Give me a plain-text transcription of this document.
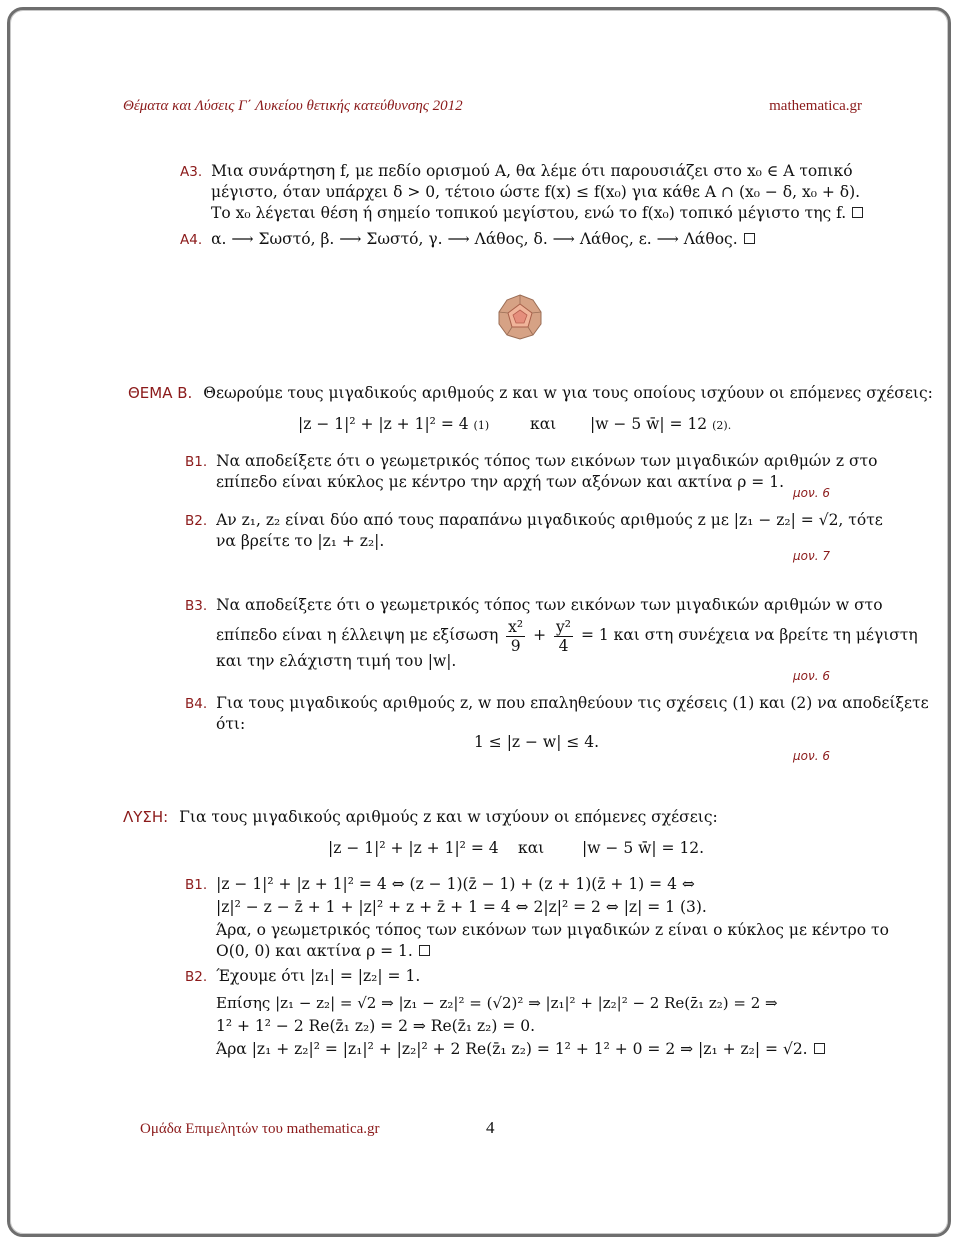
Θέματα και Λύσεις Γ΄ Λυκείου θετικής κατεύθυνσης 2012	mathematica.gr
A3. Μια συνάρτηση f, με πεδίο ορισμού A, θα λέμε ότι παρουσιάζει στο x₀ ∈ A τοπικό
μέγιστο, όταν υπάρχει δ > 0, τέτοιο ώστε f(x) ≤ f(x₀) για κάθε A ∩ (x₀ − δ, x₀ + δ).
Το x₀ λέγεται θέση ή σημείο τοπικού μεγίστου, ενώ το f(x₀) τοπικό μέγιστο της f.
A4. α. ⟶ Σωστό, β. ⟶ Σωστό, γ. ⟶ Λάθος, δ. ⟶ Λάθος, ε. ⟶ Λάθος.
ΘΕΜΑ Β. Θεωρούμε τους μιγαδικούς αριθμούς z και w για τους οποίους ισχύουν οι επόμενες σχέσεις:
|z − 1|² + |z + 1|² = 4 (1)	και |w − 5 w̄| = 12 (2).
B1. Να αποδείξετε ότι ο γεωμετρικός τόπος των εικόνων των μιγαδικών αριθμών z στο
επίπεδο είναι κύκλος με κέντρο την αρχή των αξόνων και ακτίνα ρ = 1.
μον. 6
B2. Αν z₁, z₂ είναι δύο από τους παραπάνω μιγαδικούς αριθμούς z με |z₁ − z₂| = √2, τότε
να βρείτε το |z₁ + z₂|.
μον. 7
B3. Να αποδείξετε ότι ο γεωμετρικός τόπος των εικόνων των μιγαδικών αριθμών w στο
επίπεδο είναι η έλλειψη με εξίσωση $\frac{\text{x²}}{9} + \frac{\text{y²}}{4} = 1$ και στη συνέχεια να βρείτε τη μέγιστη
και την ελάχιστη τιμή του |w|.
μον. 6
B4. Για τους μιγαδικούς αριθμούς z, w που επαληθεύουν τις σχέσεις (1) και (2) να αποδείξετε
ότι:
1 ≤ |z − w| ≤ 4.
μον. 6
ΛΥΣΗ: Για τους μιγαδικούς αριθμούς z και w ισχύουν οι επόμενες σχέσεις:
|z − 1|² + |z + 1|² = 4 και |w − 5 w̄| = 12.
B1. |z − 1|² + |z + 1|² = 4 ⇔ (z − 1)(z̄ − 1) + (z + 1)(z̄ + 1) = 4 ⇔
|z|² − z − z̄ + 1 + |z|² + z + z̄ + 1 = 4 ⇔ 2|z|² = 2 ⇔ |z| = 1 (3).
Άρα, ο γεωμετρικός τόπος των εικόνων των μιγαδικών z είναι ο κύκλος με κέντρο το
O(0, 0) και ακτίνα ρ = 1.
B2. Έχουμε ότι |z₁| = |z₂| = 1.
Επίσης |z₁ − z₂| = √2 ⇒ |z₁ − z₂|² = (√2)² ⇒ |z₁|² + |z₂|² − 2 Re(z̄₁ z₂) = 2 ⇒
1² + 1² − 2 Re(z̄₁ z₂) = 2 ⇒ Re(z̄₁ z₂) = 0.
Άρα |z₁ + z₂|² = |z₁|² + |z₂|² + 2 Re(z̄₁ z₂) = 1² + 1² + 0 = 2 ⇒ |z₁ + z₂| = √2.
Ομάδα Επιμελητών του mathematica.gr	4
